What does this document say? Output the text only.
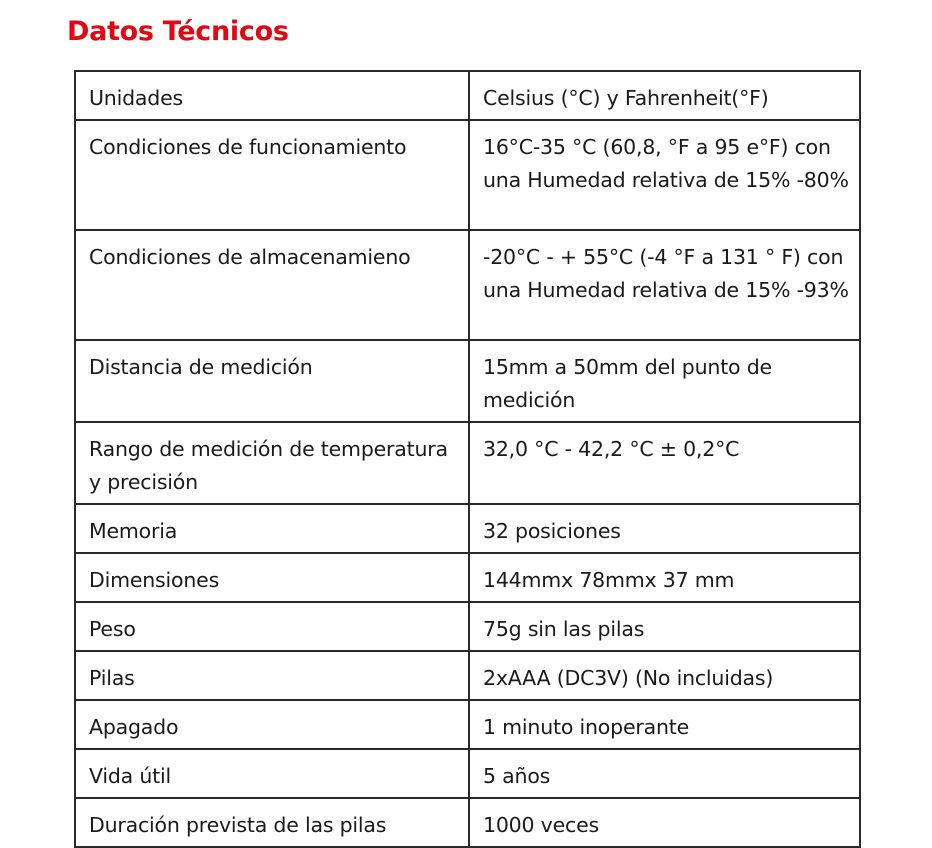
Datos Técnicos
Unidades	Celsius (°C) y Fahrenheit(°F)
Condiciones de funcionamiento	16°C-35 °C (60,8, °F a 95 e°F) con una Humedad relativa de 15% -80%
Condiciones de almacenamieno	-20°C - + 55°C (-4 °F a 131 ° F) con una Humedad relativa de 15% -93%
Distancia de medición	15mm a 50mm del punto de medición
Rango de medición de temperatura y precisión	32,0 °C - 42,2 °C ± 0,2°C
Memoria	32 posiciones
Dimensiones	144mmx 78mmx 37 mm
Peso	75g sin las pilas
Pilas	2xAAA (DC3V) (No incluidas)
Apagado	1 minuto inoperante
Vida útil	5 años
Duración prevista de las pilas	1000 veces
